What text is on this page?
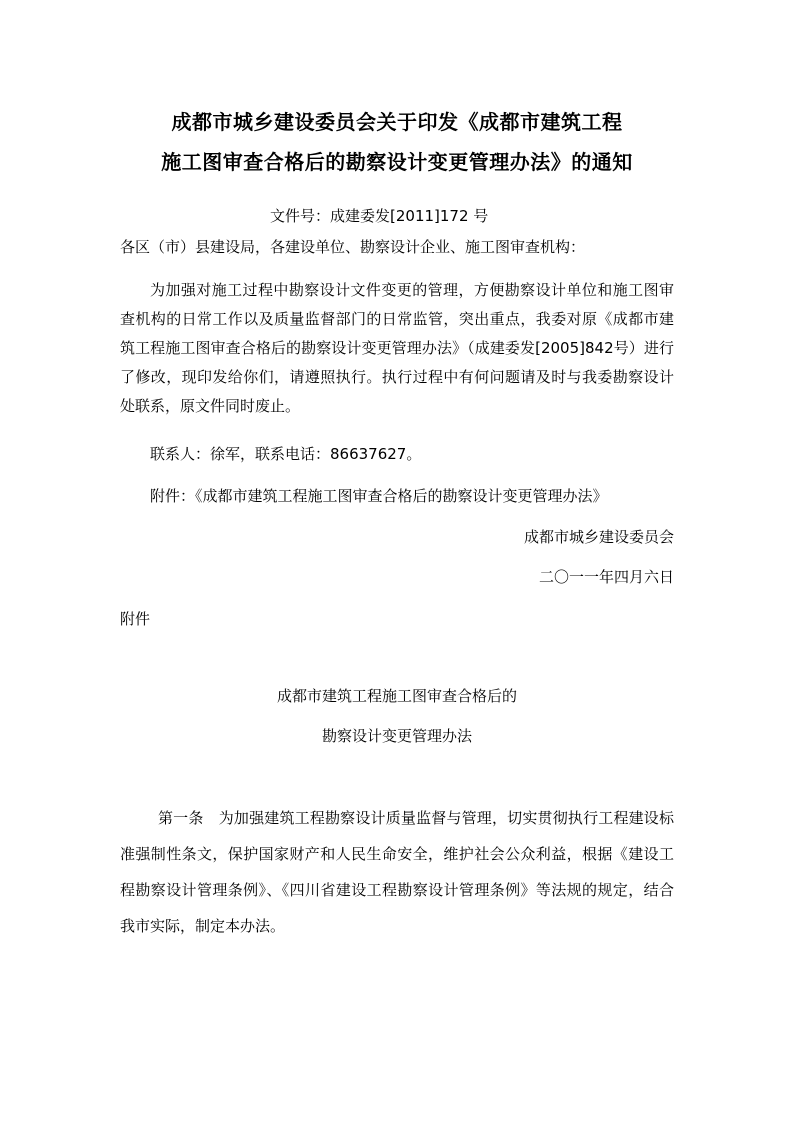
成都市城乡建设委员会关于印发《成都市建筑工程
施工图审查合格后的勘察设计变更管理办法》的通知
文件号：成建委发[2011]172 号
各区（市）县建设局，各建设单位、勘察设计企业、施工图审查机构：
为加强对施工过程中勘察设计文件变更的管理，方便勘察设计单位和施工图审查机构的日常工作以及质量监督部门的日常监管，突出重点，我委对原《成都市建筑工程施工图审查合格后的勘察设计变更管理办法》（成建委发[2005]842号）进行了修改，现印发给你们，请遵照执行。执行过程中有何问题请及时与我委勘察设计处联系，原文件同时废止。
联系人：徐军，联系电话：86637627。
附件：《成都市建筑工程施工图审查合格后的勘察设计变更管理办法》
成都市城乡建设委员会
二〇一一年四月六日
附件
成都市建筑工程施工图审查合格后的
勘察设计变更管理办法
第一条　为加强建筑工程勘察设计质量监督与管理，切实贯彻执行工程建设标准强制性条文，保护国家财产和人民生命安全，维护社会公众利益，根据《建设工程勘察设计管理条例》、《四川省建设工程勘察设计管理条例》等法规的规定，结合我市实际，制定本办法。
